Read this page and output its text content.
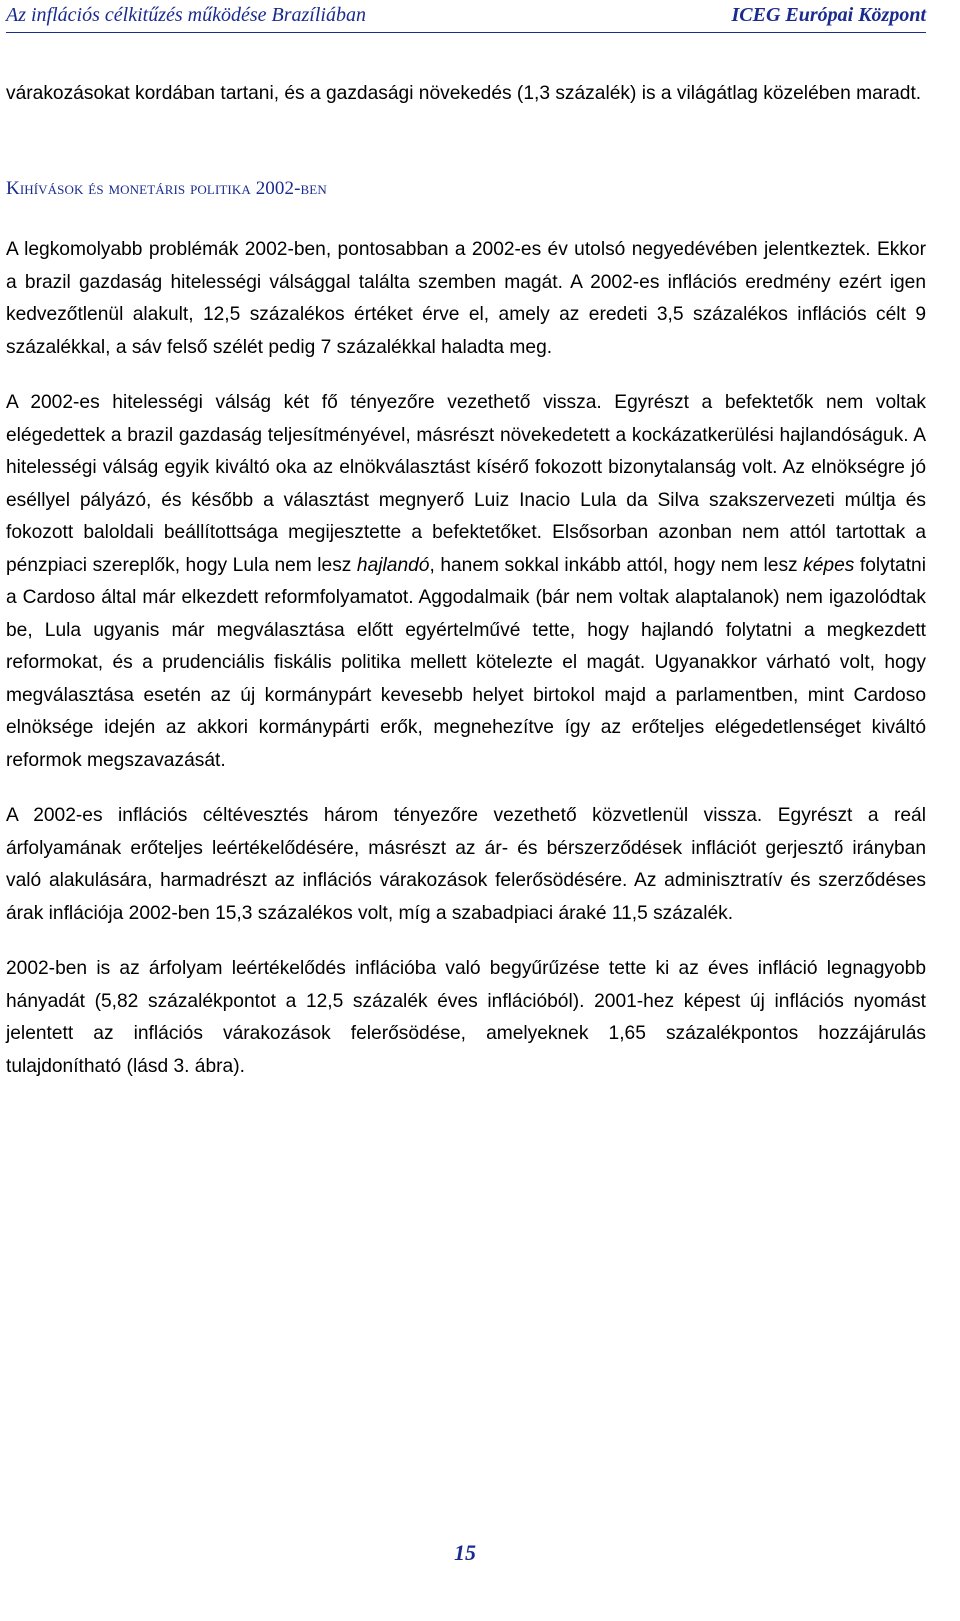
Az inflációs célkitűzés működése Brazíliában	ICEG Európai Központ

várakozásokat kordában tartani, és a gazdasági növekedés (1,3 százalék) is a világátlag közelében maradt.

Kihívások és monetáris politika 2002-ben

A legkomolyabb problémák 2002-ben, pontosabban a 2002-es év utolsó negyedévében jelentkeztek. Ekkor a brazil gazdaság hitelességi válsággal találta szemben magát. A 2002-es inflációs eredmény ezért igen kedvezőtlenül alakult, 12,5 százalékos értéket érve el, amely az eredeti 3,5 százalékos inflációs célt 9 százalékkal, a sáv felső szélét pedig 7 százalékkal haladta meg.

A 2002-es hitelességi válság két fő tényezőre vezethető vissza. Egyrészt a befektetők nem voltak elégedettek a brazil gazdaság teljesítményével, másrészt növekedetett a kockázatkerülési hajlandóságuk. A hitelességi válság egyik kiváltó oka az elnökválasztást kísérő fokozott bizonytalanság volt. Az elnökségre jó eséllyel pályázó, és később a választást megnyerő Luiz Inacio Lula da Silva szakszervezeti múltja és fokozott baloldali beállítottsága megijesztette a befektetőket. Elsősorban azonban nem attól tartottak a pénzpiaci szereplők, hogy Lula nem lesz hajlandó, hanem sokkal inkább attól, hogy nem lesz képes folytatni a Cardoso által már elkezdett reformfolyamatot. Aggodalmaik (bár nem voltak alaptalanok) nem igazolódtak be, Lula ugyanis már megválasztása előtt egyértelművé tette, hogy hajlandó folytatni a megkezdett reformokat, és a prudenciális fiskális politika mellett kötelezte el magát. Ugyanakkor várható volt, hogy megválasztása esetén az új kormánypárt kevesebb helyet birtokol majd a parlamentben, mint Cardoso elnöksége idején az akkori kormánypárti erők, megnehezítve így az erőteljes elégedetlenséget kiváltó reformok megszavazását.

A 2002-es inflációs céltévesztés három tényezőre vezethető közvetlenül vissza. Egyrészt a reál árfolyamának erőteljes leértékelődésére, másrészt az ár- és bérszerződések inflációt gerjesztő irányban való alakulására, harmadrészt az inflációs várakozások felerősödésére. Az adminisztratív és szerződéses árak inflációja 2002-ben 15,3 százalékos volt, míg a szabadpiaci áraké 11,5 százalék.

2002-ben is az árfolyam leértékelődés inflációba való begyűrűzése tette ki az éves infláció legnagyobb hányadát (5,82 százalékpontot a 12,5 százalék éves inflációból). 2001-hez képest új inflációs nyomást jelentett az inflációs várakozások felerősödése, amelyeknek 1,65 százalékpontos hozzájárulás tulajdonítható (lásd 3. ábra).

15
